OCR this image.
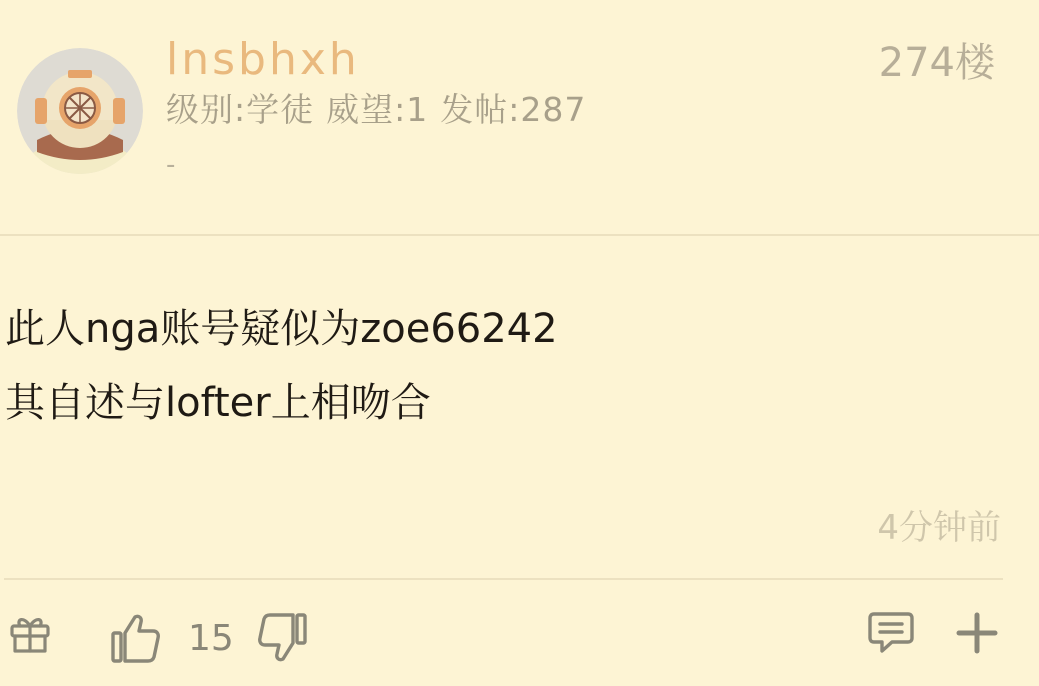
lnsbhxh
级别:学徒 威望:1 发帖:287
-
274楼
此人nga账号疑似为zoe66242
其自述与lofter上相吻合
4分钟前
15
